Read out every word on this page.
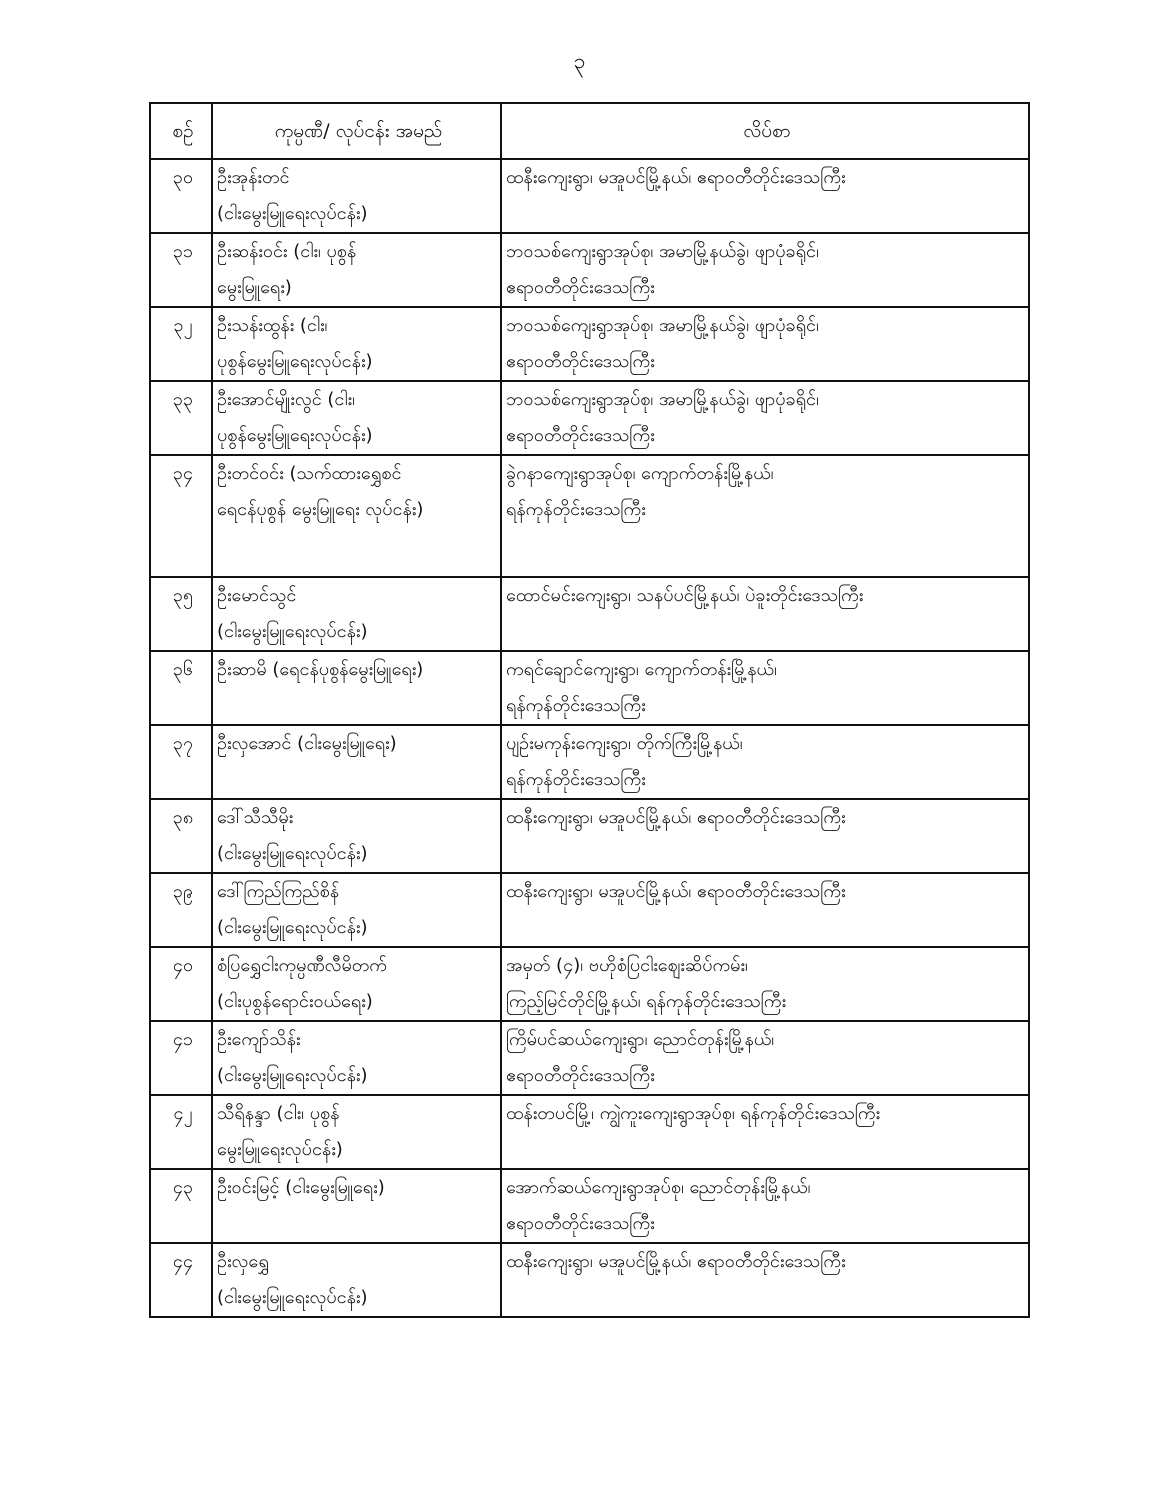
၃
စဉ်	ကုမ္ပဏီ/ လုပ်ငန်း အမည်	လိပ်စာ
၃၀	ဦးအုန်းတင်
(ငါးမွေးမြူရေးလုပ်ငန်း)	ထနီးကျေးရွာ၊ မအူပင်မြို့နယ်၊ ဧရာဝတီတိုင်းဒေသကြီး

၃၁	ဦးဆန်းဝင်း (ငါး၊ ပုစွန်
မွေးမြူရေး)	ဘဝသစ်ကျေးရွာအုပ်စု၊ အမာမြို့နယ်ခွဲ၊ ဖျာပုံခရိုင်၊
ဧရာဝတီတိုင်းဒေသကြီး

၃၂	ဦးသန်းထွန်း (ငါး၊
ပုစွန်မွေးမြူရေးလုပ်ငန်း)	ဘဝသစ်ကျေးရွာအုပ်စု၊ အမာမြို့နယ်ခွဲ၊ ဖျာပုံခရိုင်၊
ဧရာဝတီတိုင်းဒေသကြီး

၃၃	ဦးအောင်မျိုးလွင် (ငါး၊
ပုစွန်မွေးမြူရေးလုပ်ငန်း)	ဘဝသစ်ကျေးရွာအုပ်စု၊ အမာမြို့နယ်ခွဲ၊ ဖျာပုံခရိုင်၊
ဧရာဝတီတိုင်းဒေသကြီး

၃၄	ဦးတင်ဝင်း (သက်ထားရွှေစင်
ရေငန်ပုစွန် မွေးမြူရေး လုပ်ငန်း)	ခွဲဂနာကျေးရွာအုပ်စု၊ ကျောက်တန်းမြို့နယ်၊
ရန်ကုန်တိုင်းဒေသကြီး

၃၅	ဦးမောင်သွင်
(ငါးမွေးမြူရေးလုပ်ငန်း)	ထောင်မင်းကျေးရွာ၊ သနပ်ပင်မြို့နယ်၊ ပဲခူးတိုင်းဒေသကြီး

၃၆	ဦးဆာမိ (ရေငန်ပုစွန်မွေးမြူရေး)	ကရင်ချောင်ကျေးရွာ၊ ကျောက်တန်းမြို့နယ်၊
ရန်ကုန်တိုင်းဒေသကြီး

၃၇	ဦးလှအောင် (ငါးမွေးမြူရေး)	ပျဉ်းမကုန်းကျေးရွာ၊ တိုက်ကြီးမြို့နယ်၊
ရန်ကုန်တိုင်းဒေသကြီး

၃၈	ဒေါ်သီသီမိုး
(ငါးမွေးမြူရေးလုပ်ငန်း)	ထနီးကျေးရွာ၊ မအူပင်မြို့နယ်၊ ဧရာဝတီတိုင်းဒေသကြီး

၃၉	ဒေါ်ကြည်ကြည်စိန်
(ငါးမွေးမြူရေးလုပ်ငန်း)	ထနီးကျေးရွာ၊ မအူပင်မြို့နယ်၊ ဧရာဝတီတိုင်းဒေသကြီး

၄၀	စံပြရွှေငါးကုမ္ပဏီလီမိတက်
(ငါးပုစွန်ရောင်းဝယ်ရေး)	အမှတ် (၄)၊ ဗဟိုစံပြငါးဈေးဆိပ်ကမ်း၊
ကြည့်မြင်တိုင်မြို့နယ်၊ ရန်ကုန်တိုင်းဒေသကြီး

၄၁	ဦးကျော်သိန်း
(ငါးမွေးမြူရေးလုပ်ငန်း)	ကြိမ်ပင်ဆယ်ကျေးရွာ၊ ညောင်တုန်းမြို့နယ်၊
ဧရာဝတီတိုင်းဒေသကြီး

၄၂	သီရိနန္ဒာ (ငါး၊ ပုစွန်
မွေးမြူရေးလုပ်ငန်း)	ထန်းတပင်မြို့၊ ကျွဲကူးကျေးရွာအုပ်စု၊ ရန်ကုန်တိုင်းဒေသကြီး

၄၃	ဦးဝင်းမြင့် (ငါးမွေးမြူရေး)	အောက်ဆယ်ကျေးရွာအုပ်စု၊ ညောင်တုန်းမြို့နယ်၊
ဧရာဝတီတိုင်းဒေသကြီး

၄၄	ဦးလှရွှေ
(ငါးမွေးမြူရေးလုပ်ငန်း)	ထနီးကျေးရွာ၊ မအူပင်မြို့နယ်၊ ဧရာဝတီတိုင်းဒေသကြီး
